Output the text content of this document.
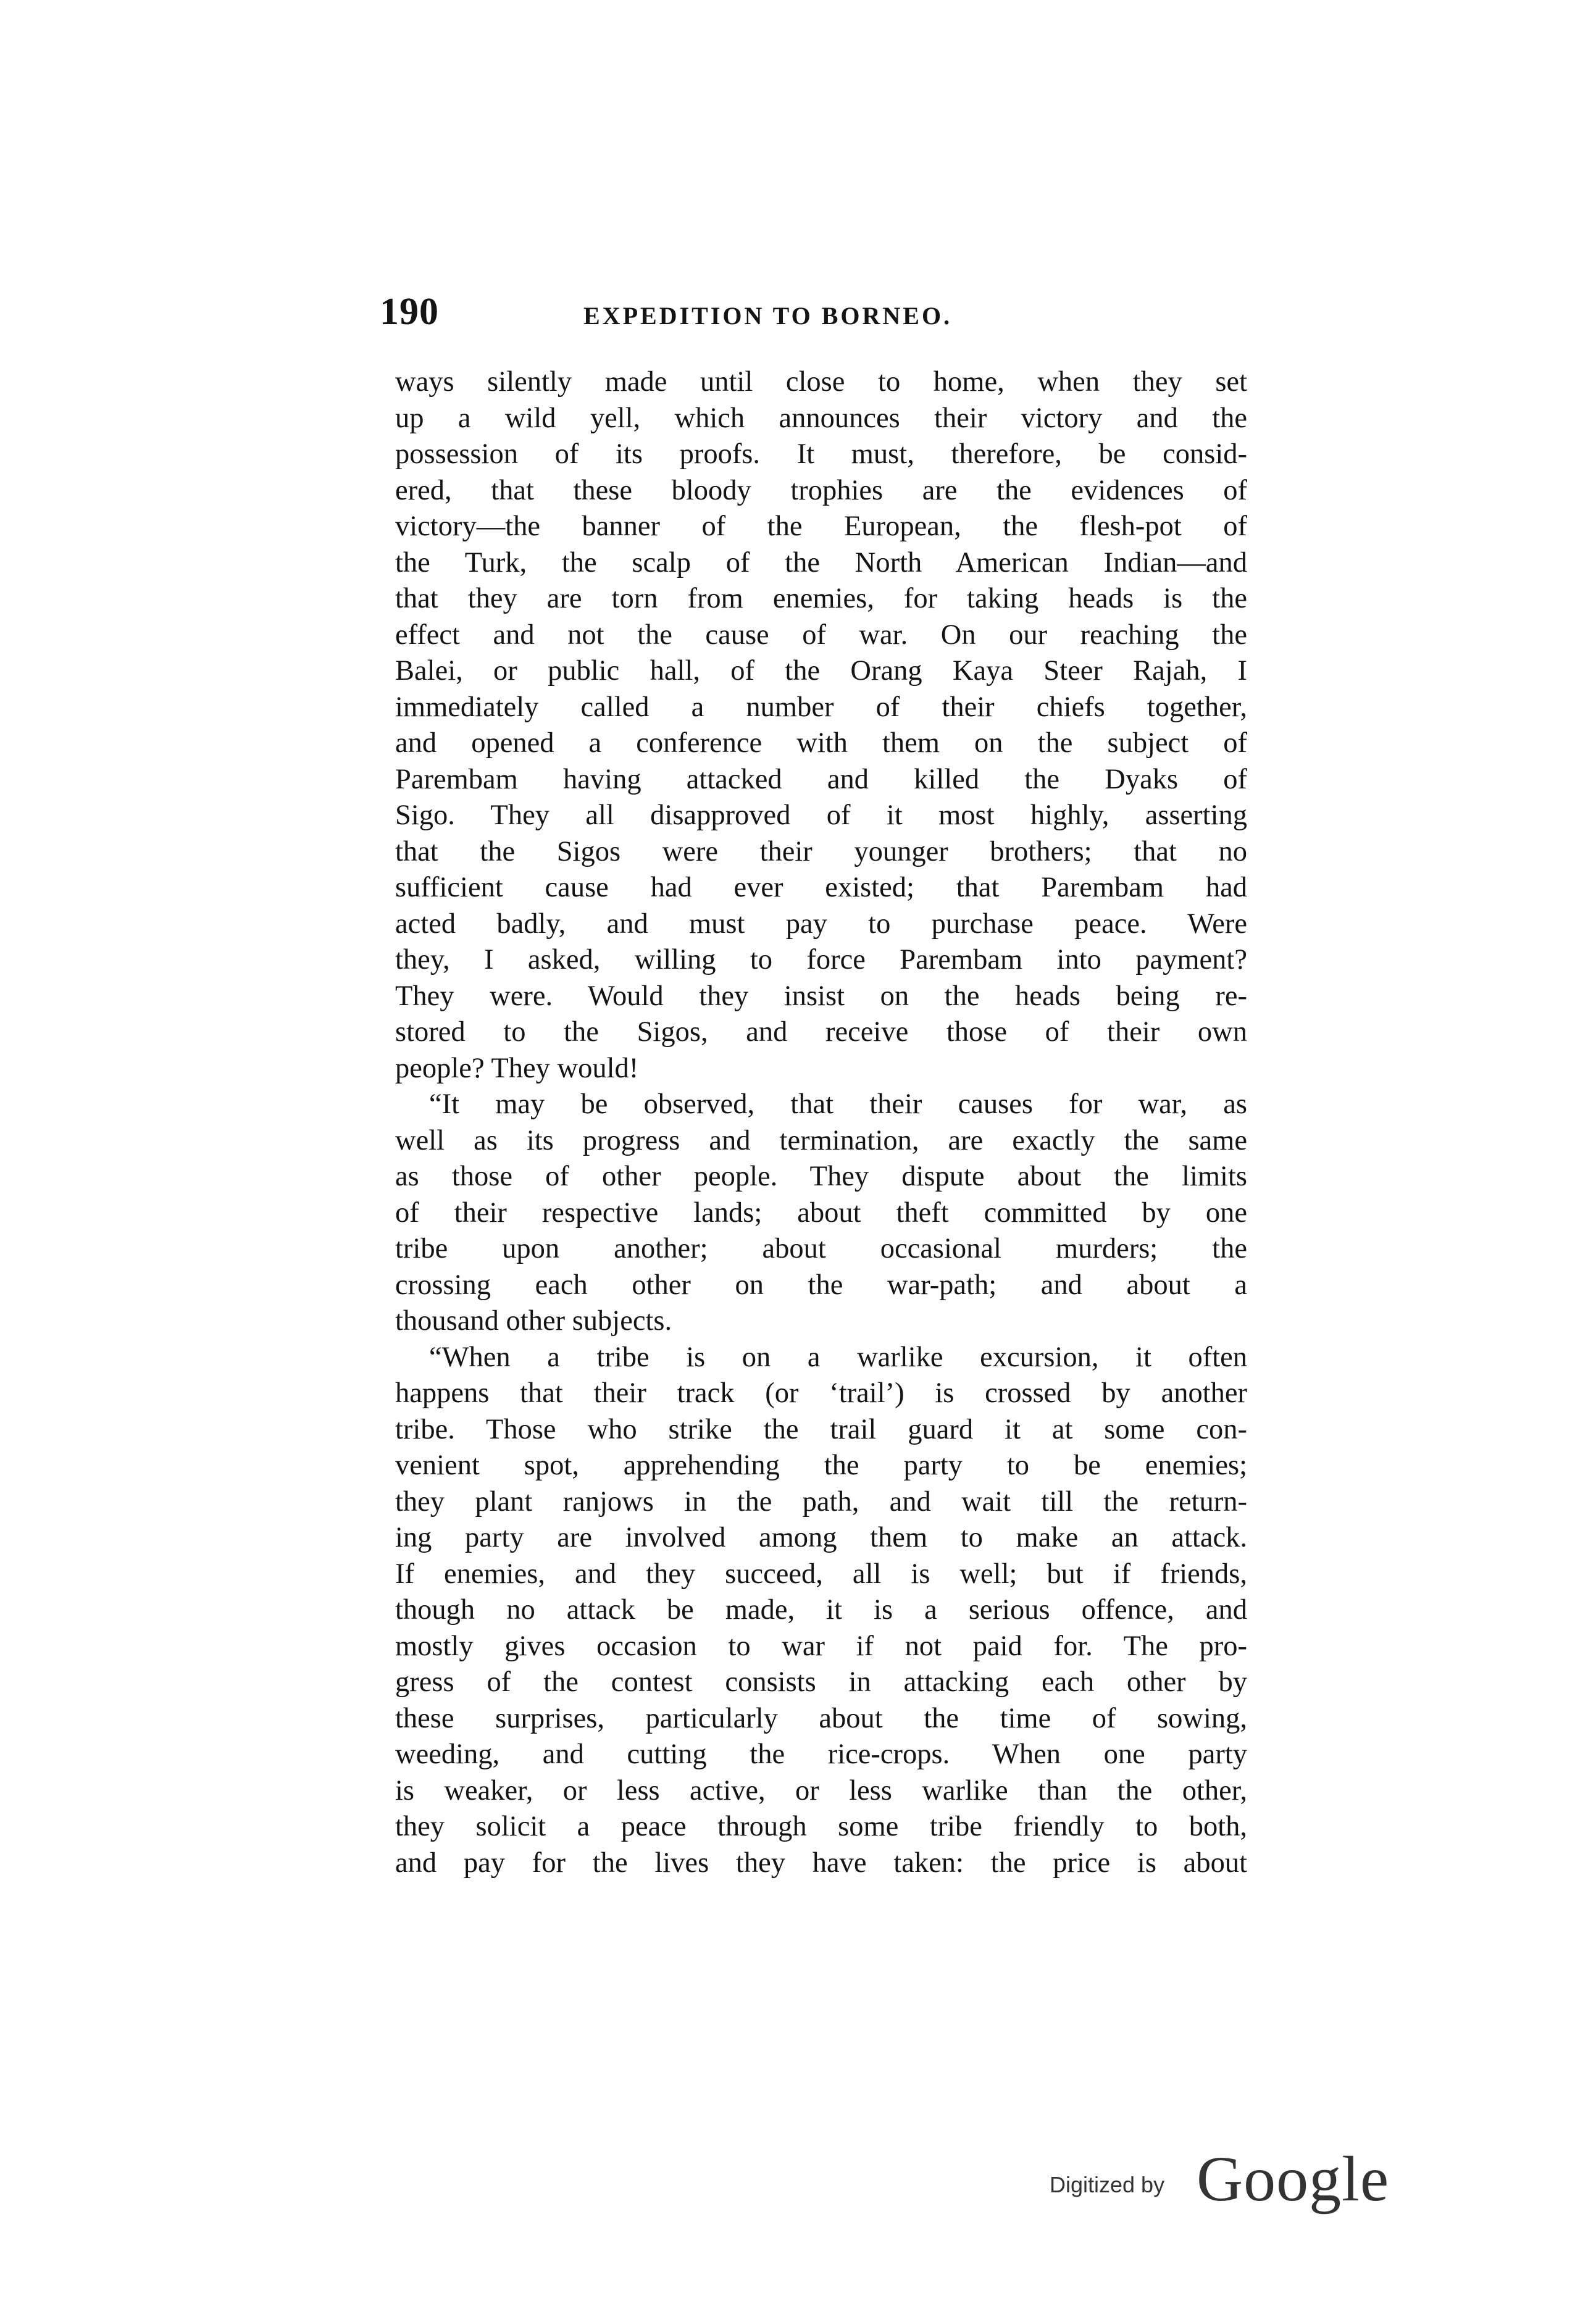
190	EXPEDITION TO BORNEO.
ways silently made until close to home, when they set
up a wild yell, which announces their victory and the
possession of its proofs. It must, therefore, be consid-
ered, that these bloody trophies are the evidences of
victory—the banner of the European, the flesh-pot of
the Turk, the scalp of the North American Indian—and
that they are torn from enemies, for taking heads is the
effect and not the cause of war. On our reaching the
Balei, or public hall, of the Orang Kaya Steer Rajah, I
immediately called a number of their chiefs together,
and opened a conference with them on the subject of
Parembam having attacked and killed the Dyaks of
Sigo. They all disapproved of it most highly, asserting
that the Sigos were their younger brothers; that no
sufficient cause had ever existed; that Parembam had
acted badly, and must pay to purchase peace. Were
they, I asked, willing to force Parembam into payment?
They were. Would they insist on the heads being re-
stored to the Sigos, and receive those of their own
people? They would!
“It may be observed, that their causes for war, as
well as its progress and termination, are exactly the same
as those of other people. They dispute about the limits
of their respective lands; about theft committed by one
tribe upon another; about occasional murders; the
crossing each other on the war-path; and about a
thousand other subjects.
“When a tribe is on a warlike excursion, it often
happens that their track (or ‘trail’) is crossed by another
tribe. Those who strike the trail guard it at some con-
venient spot, apprehending the party to be enemies;
they plant ranjows in the path, and wait till the return-
ing party are involved among them to make an attack.
If enemies, and they succeed, all is well; but if friends,
though no attack be made, it is a serious offence, and
mostly gives occasion to war if not paid for. The pro-
gress of the contest consists in attacking each other by
these surprises, particularly about the time of sowing,
weeding, and cutting the rice-crops. When one party
is weaker, or less active, or less warlike than the other,
they solicit a peace through some tribe friendly to both,
and pay for the lives they have taken: the price is about
Digitized by Google
